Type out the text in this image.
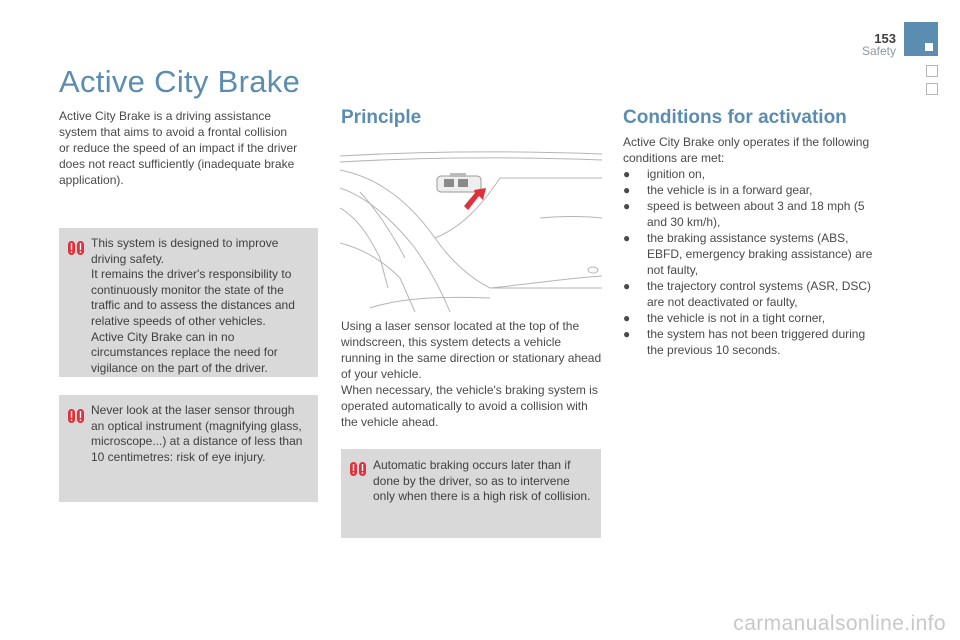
153
Safety
Active City Brake

Active City Brake is a driving assistance system that aims to avoid a frontal collision or reduce the speed of an impact if the driver does not react sufficiently (inadequate brake application).

This system is designed to improve driving safety.

It remains the driver's responsibility to continuously monitor the state of the traffic and to assess the distances and relative speeds of other vehicles.

Active City Brake can in no circumstances replace the need for vigilance on the part of the driver.

Never look at the laser sensor through an optical instrument (magnifying glass, microscope...) at a distance of less than 10 centimetres: risk of eye injury.

Principle

Using a laser sensor located at the top of the windscreen, this system detects a vehicle running in the same direction or stationary ahead of your vehicle.

When necessary, the vehicle's braking system is operated automatically to avoid a collision with the vehicle ahead.

Automatic braking occurs later than if done by the driver, so as to intervene only when there is a high risk of collision.

Conditions for activation

Active City Brake only operates if the following conditions are met:

● ignition on,
● the vehicle is in a forward gear,
● speed is between about 3 and 18 mph (5 and 30 km/h),
● the braking assistance systems (ABS, EBFD, emergency braking assistance) are not faulty,
● the trajectory control systems (ASR, DSC) are not deactivated or faulty,
● the vehicle is not in a tight corner,
● the system has not been triggered during the previous 10 seconds.
carmanualsonline.info
